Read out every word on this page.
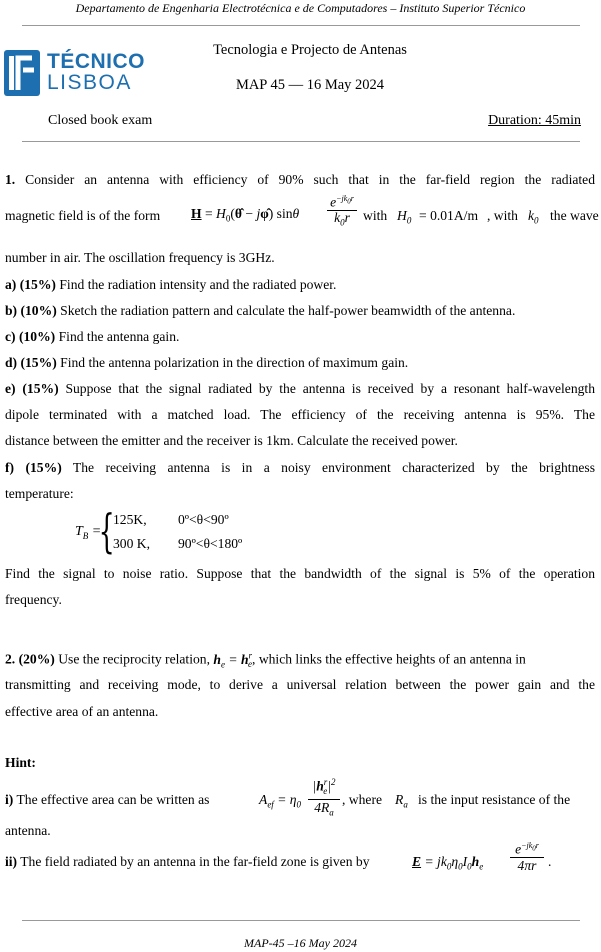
Departamento de Engenharia Electrotécnica e de Computadores – Instituto Superior Técnico
TÉCNICO
LISBOA
Tecnologia e Projecto de Antenas
MAP 45 — 16 May 2024
Closed book exam	Duration: 45min
1. Consider an antenna with efficiency of 90% such that in the far-field region the radiated
magnetic field is of the form $H = H_0(\thetâ$ − jφ̂) sinθ
$e^{-jk_0r}$
$k_0r$ with $H_0 = 0.01A/m$ , with $k_0$ the wave
number in air. The oscillation frequency is 3GHz.
a) (15%) Find the radiation intensity and the radiated power.
b) (10%) Sketch the radiation pattern and calculate the half-power beamwidth of the antenna.
c) (10%) Find the antenna gain.
d) (15%) Find the antenna polarization in the direction of maximum gain.
e) (15%) Suppose that the signal radiated by the antenna is received by a resonant half-wavelength
dipole terminated with a matched load. The efficiency of the receiving antenna is 95%. The
distance between the emitter and the receiver is 1km. Calculate the received power.
f) (15%) The receiving antenna is in a noisy environment characterized by the brightness
temperature:
$T_B$ =
{
125K, 0º<θ<90º
300 K, 90º<θ<180º
Find the signal to noise ratio. Suppose that the bandwidth of the signal is 5% of the operation
frequency.
2. (20%) Use the reciprocity relation, $h_e = h^r_e$, which links the effective heights of an antenna in
transmitting and receiving mode, to derive a universal relation between the power gain and the
effective area of an antenna.
Hint:
i) The effective area can be written as	$A_{ef} = \eta_0$
$|h^r_e|^2$
$4R_a$
, where $R_a$ is the input resistance of the
antenna.
ii) The field radiated by an antenna in the far-field zone is given by	$E = jk_0\eta_0I_0h_e$
$e^{-jk_0r}$
4πr .
MAP-45 –16 May 2024
